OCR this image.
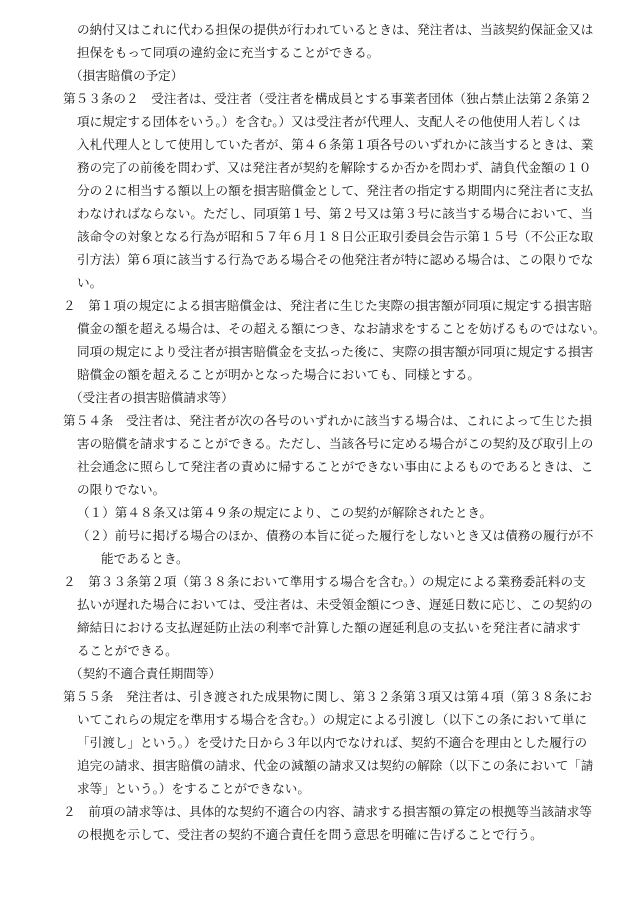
の納付又はこれに代わる担保の提供が行われているときは、発注者は、当該契約保証金又は
担保をもって同項の違約金に充当することができる。
（損害賠償の予定）
第５３条の２　受注者は、受注者（受注者を構成員とする事業者団体（独占禁止法第２条第２
項に規定する団体をいう。）を含む。）又は受注者が代理人、支配人その他使用人若しくは
入札代理人として使用していた者が、第４６条第１項各号のいずれかに該当するときは、業
務の完了の前後を問わず、又は発注者が契約を解除するか否かを問わず、請負代金額の１０
分の２に相当する額以上の額を損害賠償金として、発注者の指定する期間内に発注者に支払
わなければならない。ただし、同項第１号、第２号又は第３号に該当する場合において、当
該命令の対象となる行為が昭和５７年６月１８日公正取引委員会告示第１５号（不公正な取
引方法）第６項に該当する行為である場合その他発注者が特に認める場合は、この限りでな
い。
２　第１項の規定による損害賠償金は、発注者に生じた実際の損害額が同項に規定する損害賠
償金の額を超える場合は、その超える額につき、なお請求をすることを妨げるものではない。
同項の規定により受注者が損害賠償金を支払った後に、実際の損害額が同項に規定する損害
賠償金の額を超えることが明かとなった場合においても、同様とする。
（受注者の損害賠償請求等）
第５４条　受注者は、発注者が次の各号のいずれかに該当する場合は、これによって生じた損
害の賠償を請求することができる。ただし、当該各号に定める場合がこの契約及び取引上の
社会通念に照らして発注者の責めに帰することができない事由によるものであるときは、こ
の限りでない。
（１）第４８条又は第４９条の規定により、この契約が解除されたとき。
（２）前号に掲げる場合のほか、債務の本旨に従った履行をしないとき又は債務の履行が不
能であるとき。
２　第３３条第２項（第３８条において準用する場合を含む。）の規定による業務委託料の支
払いが遅れた場合においては、受注者は、未受領金額につき、遅延日数に応じ、この契約の
締結日における支払遅延防止法の利率で計算した額の遅延利息の支払いを発注者に請求す
ることができる。
（契約不適合責任期間等）
第５５条　発注者は、引き渡された成果物に関し、第３２条第３項又は第４項（第３８条にお
いてこれらの規定を準用する場合を含む。）の規定による引渡し（以下この条において単に
「引渡し」という。）を受けた日から３年以内でなければ、契約不適合を理由とした履行の
追完の請求、損害賠償の請求、代金の減額の請求又は契約の解除（以下この条において「請
求等」という。）をすることができない。
２　前項の請求等は、具体的な契約不適合の内容、請求する損害額の算定の根拠等当該請求等
の根拠を示して、受注者の契約不適合責任を問う意思を明確に告げることで行う。
